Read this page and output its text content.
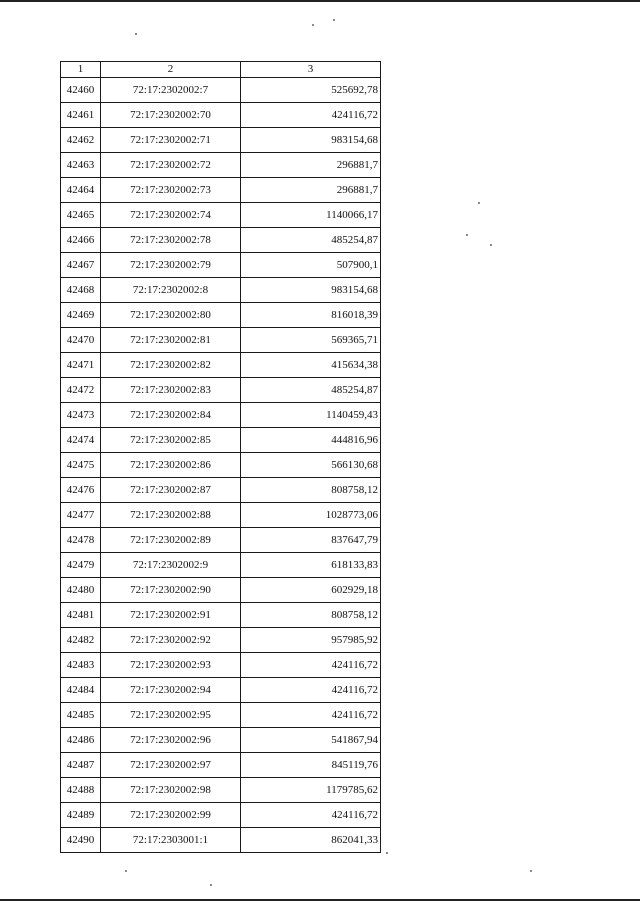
1	2	3
42460	72:17:2302002:7	525692,78
42461	72:17:2302002:70	424116,72
42462	72:17:2302002:71	983154,68
42463	72:17:2302002:72	296881,7
42464	72:17:2302002:73	296881,7
42465	72:17:2302002:74	1140066,17
42466	72:17:2302002:78	485254,87
42467	72:17:2302002:79	507900,1
42468	72:17:2302002:8	983154,68
42469	72:17:2302002:80	816018,39
42470	72:17:2302002:81	569365,71
42471	72:17:2302002:82	415634,38
42472	72:17:2302002:83	485254,87
42473	72:17:2302002:84	1140459,43
42474	72:17:2302002:85	444816,96
42475	72:17:2302002:86	566130,68
42476	72:17:2302002:87	808758,12
42477	72:17:2302002:88	1028773,06
42478	72:17:2302002:89	837647,79
42479	72:17:2302002:9	618133,83
42480	72:17:2302002:90	602929,18
42481	72:17:2302002:91	808758,12
42482	72:17:2302002:92	957985,92
42483	72:17:2302002:93	424116,72
42484	72:17:2302002:94	424116,72
42485	72:17:2302002:95	424116,72
42486	72:17:2302002:96	541867,94
42487	72:17:2302002:97	845119,76
42488	72:17:2302002:98	1179785,62
42489	72:17:2302002:99	424116,72
42490	72:17:2303001:1	862041,33
